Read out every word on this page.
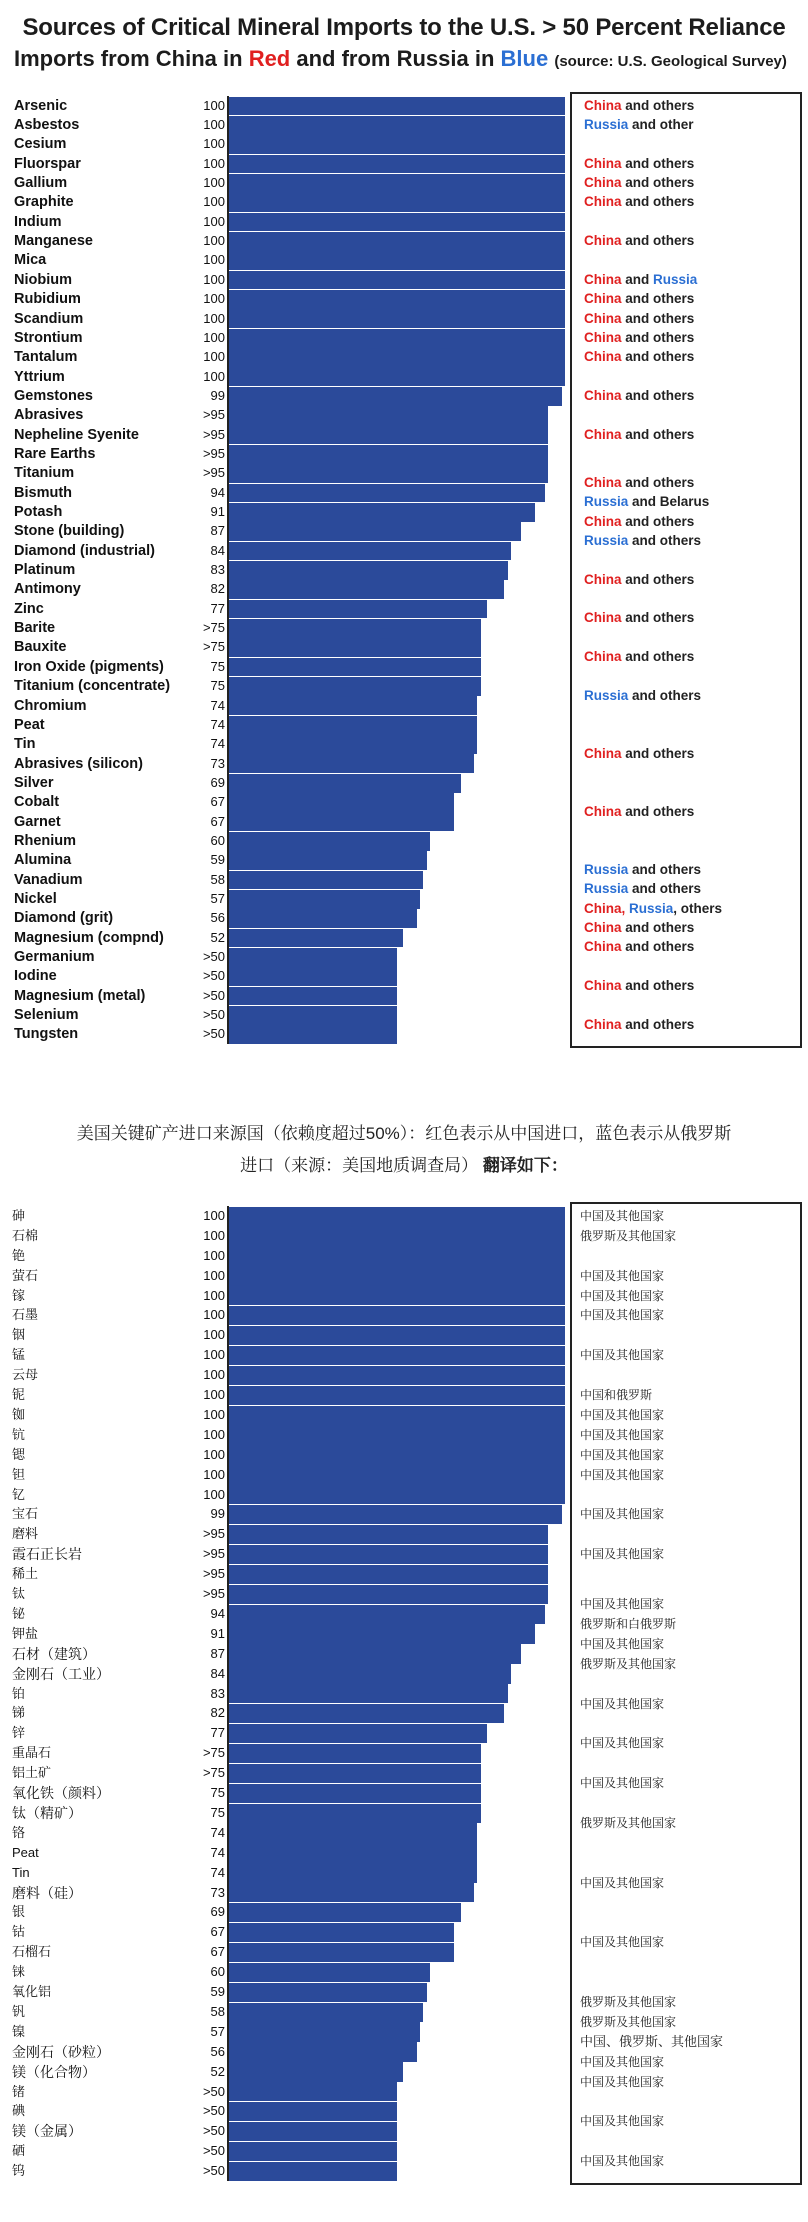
Sources of Critical Mineral Imports to the U.S. > 50 Percent Reliance
Imports from China in Red and from Russia in Blue (source: U.S. Geological Survey)
100
Arsenic
100
Asbestos
100
Cesium
100
Fluorspar
100
Gallium
100
Graphite
100
Indium
100
Manganese
100
Mica
100
Niobium
100
Rubidium
100
Scandium
100
Strontium
100
Tantalum
100
Yttrium
99
Gemstones
>95
Abrasives
>95
Nepheline Syenite
>95
Rare Earths
>95
Titanium
94
Bismuth
91
Potash
87
Stone (building)
84
Diamond (industrial)
83
Platinum
82
Antimony
77
Zinc
>75
Barite
>75
Bauxite
75
Iron Oxide (pigments)
75
Titanium (concentrate)
74
Chromium
74
Peat
74
Tin
73
Abrasives (silicon)
69
Silver
67
Cobalt
67
Garnet
60
Rhenium
59
Alumina
58
Vanadium
57
Nickel
56
Diamond (grit)
52
Magnesium (compnd)
>50
Germanium
>50
Iodine
>50
Magnesium (metal)
>50
Selenium
>50
Tungsten
China and others
Russia and other
China and others
China and others
China and others
China and others
China and Russia
China and others
China and others
China and others
China and others
China and others
China and others
China and others
Russia and Belarus
China and others
Russia and others
China and others
China and others
China and others
Russia and others
China and others
China and others
Russia and others
Russia and others
China, Russia, others
China and others
China and others
China and others
China and others
美国关键矿产进口来源国（依赖度超过50%）：红色表示从中国进口，蓝色表示从俄罗斯
进口（来源：美国地质调查局） 翻译如下：
100
砷
100
石棉
100
铯
100
萤石
100
镓
100
石墨
100
铟
100
锰
100
云母
100
铌
100
铷
100
钪
100
锶
100
钽
100
钇
99
宝石
>95
磨料
>95
霞石正长岩
>95
稀土
>95
钛
94
铋
91
钾盐
87
石材（建筑）
84
金刚石（工业）
83
铂
82
锑
77
锌
>75
重晶石
>75
铝土矿
75
氧化铁（颜料）
75
钛（精矿）
74
铬
74
Peat
74
Tin
73
磨料（硅）
69
银
67
钴
67
石榴石
60
铼
59
氧化铝
58
钒
57
镍
56
金刚石（砂粒）
52
镁（化合物）
>50
锗
>50
碘
>50
镁（金属）
>50
硒
>50
钨
中国及其他国家
俄罗斯及其他国家
中国及其他国家
中国及其他国家
中国及其他国家
中国及其他国家
中国和俄罗斯
中国及其他国家
中国及其他国家
中国及其他国家
中国及其他国家
中国及其他国家
中国及其他国家
中国及其他国家
俄罗斯和白俄罗斯
中国及其他国家
俄罗斯及其他国家
中国及其他国家
中国及其他国家
中国及其他国家
俄罗斯及其他国家
中国及其他国家
中国及其他国家
俄罗斯及其他国家
俄罗斯及其他国家
中国、俄罗斯、其他国家
中国及其他国家
中国及其他国家
中国及其他国家
中国及其他国家
